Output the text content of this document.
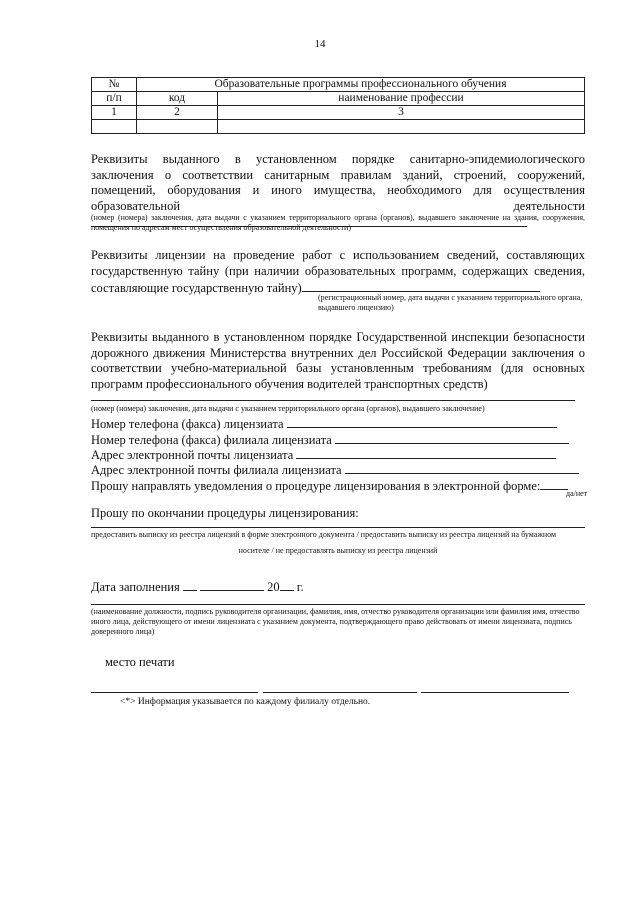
14
№	Образовательные программы профессионального обучения	
п/п	код	наименование профессии
1	2	3

Реквизиты выданного в установленном порядке санитарно-эпидемиологического заключения о соответствии санитарным правилам зданий, строений, сооружений, помещений, оборудования и иного имущества, необходимого для осуществления образовательной деятельности
(номер (номера) заключения, дата выдачи с указанием территориального органа (органов), выдавшего заключение на здания, сооружения, помещения по адресам мест осуществления образовательной деятельности)
Реквизиты лицензии на проведение работ с использованием сведений, составляющих государственную тайну (при наличии образовательных программ, содержащих сведения, составляющие государственную тайну)
(регистрационный номер, дата выдачи с указанием территориального органа, выдавшего лицензию)
Реквизиты выданного в установленном порядке Государственной инспекции безопасности дорожного движения Министерства внутренних дел Российской Федерации заключения о соответствии учебно-материальной базы установленным требованиям (для основных программ профессионального обучения водителей транспортных средств)
(номер (номера) заключения, дата выдачи с указанием территориального органа (органов), выдавшего заключение)
Номер телефона (факса) лицензиата
Номер телефона (факса) филиала лицензиата
Адрес электронной почты лицензиата
Адрес электронной почты филиала лицензиата
Прошу направлять уведомления о процедуре лицензирования в электронной форме:
да/нет
Прошу по окончании процедуры лицензирования:
предоставить выписку из реестра лицензий в форме электронного документа / предоставить выписку из реестра лицензий на бумажном
носителе / не предоставлять выписку из реестра лицензий
Дата заполнения	20 г.
(наименование должности, подпись руководителя организации, фамилия, имя, отчество руководителя организации или фамилия имя, отчество иного лица, действующего от имени лицензиата с указанием документа, подтверждающего право действовать от имени лицензиата, подпись доверенного лица)
место печати
<*> Информация указывается по каждому филиалу отдельно.
